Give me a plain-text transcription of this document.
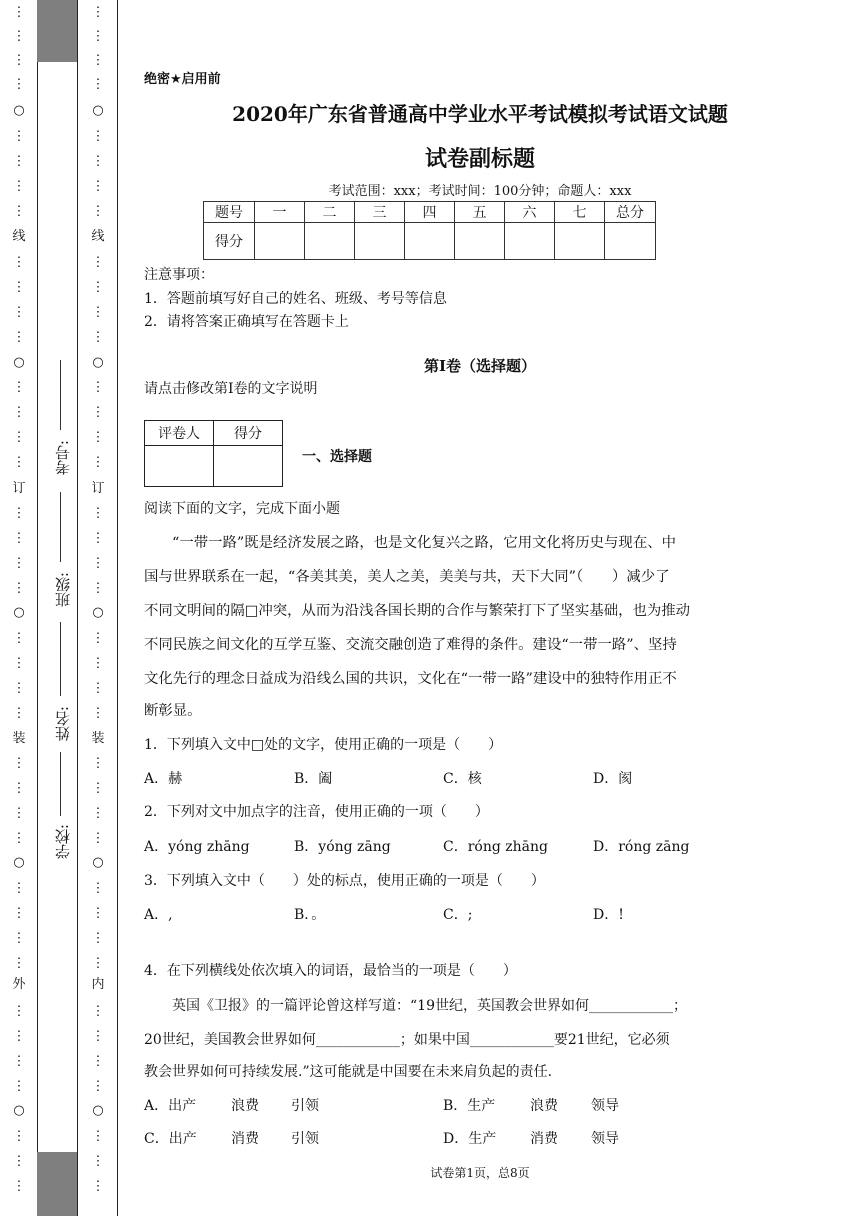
⋮
⋮
⋮
⋮
○
⋮
⋮
⋮
⋮
线
⋮
⋮
⋮
⋮
○
⋮
⋮
⋮
⋮
订
⋮
⋮
⋮
⋮
○
⋮
⋮
⋮
⋮
装
⋮
⋮
⋮
⋮
○
⋮
⋮
⋮
⋮
外
⋮
⋮
⋮
⋮
○
⋮
⋮
⋮
考号:
班级:
姓名:
学校:
⋮
⋮
⋮
⋮
○
⋮
⋮
⋮
⋮
线
⋮
⋮
⋮
⋮
○
⋮
⋮
⋮
⋮
订
⋮
⋮
⋮
⋮
○
⋮
⋮
⋮
⋮
装
⋮
⋮
⋮
⋮
○
⋮
⋮
⋮
⋮
内
⋮
⋮
⋮
⋮
○
⋮
⋮
⋮
绝密★启用前
2020年广东省普通高中学业水平考试模拟考试语文试题
试卷副标题
考试范围：xxx；考试时间：100分钟；命题人：xxx
题号	一	二	三	四	五	六	七	总分
得分								
注意事项：
1．答题前填写好自己的姓名、班级、考号等信息
2．请将答案正确填写在答题卡上
第I卷（选择题）
请点击修改第I卷的文字说明
评卷人	得分

一、选择题
阅读下面的文字，完成下面小题
“一带一路”既是经济发展之路，也是文化复兴之路，它用文化将历史与现在、中
国与世界联系在一起，“各美其美，美人之美，美美与共，天下大同”（　　）减少了
不同文明间的隔□冲突，从而为沿浅各国长期的合作与繁荣打下了坚实基础，也为推动
不同民族之间文化的互学互鉴、交流交融创造了难得的条件。建设“一带一路”、坚持
文化先行的理念日益成为沿线么国的共识，文化在“一带一路”建设中的独特作用正不
断彰显。
1．下列填入文中□处的文字，使用正确的一项是（　　）
A．赫	B．阖	C．核	D．阂
2．下列对文中加点字的注音，使用正确的一项（　　）
A．yóng zhāng	B．yóng zāng	C．róng zhāng	D．róng zāng
3．下列填入文中（　　）处的标点，使用正确的一项是（　　）
A．,	B．。	C．;	D．!
4．在下列横线处依次填入的词语，最恰当的一项是（　　）
英国《卫报》的一篇评论曾这样写道：“19世纪，英国教会世界如何____________；
20世纪，美国教会世界如何____________；如果中国____________要21世纪，它必须
教会世界如何可持续发展.”这可能就是中国要在未来肩负起的责任.
A．出产 浪费 引领	B．生产 浪费 领导
C．出产 消费 引领	D．生产 消费 领导
试卷第1页，总8页
